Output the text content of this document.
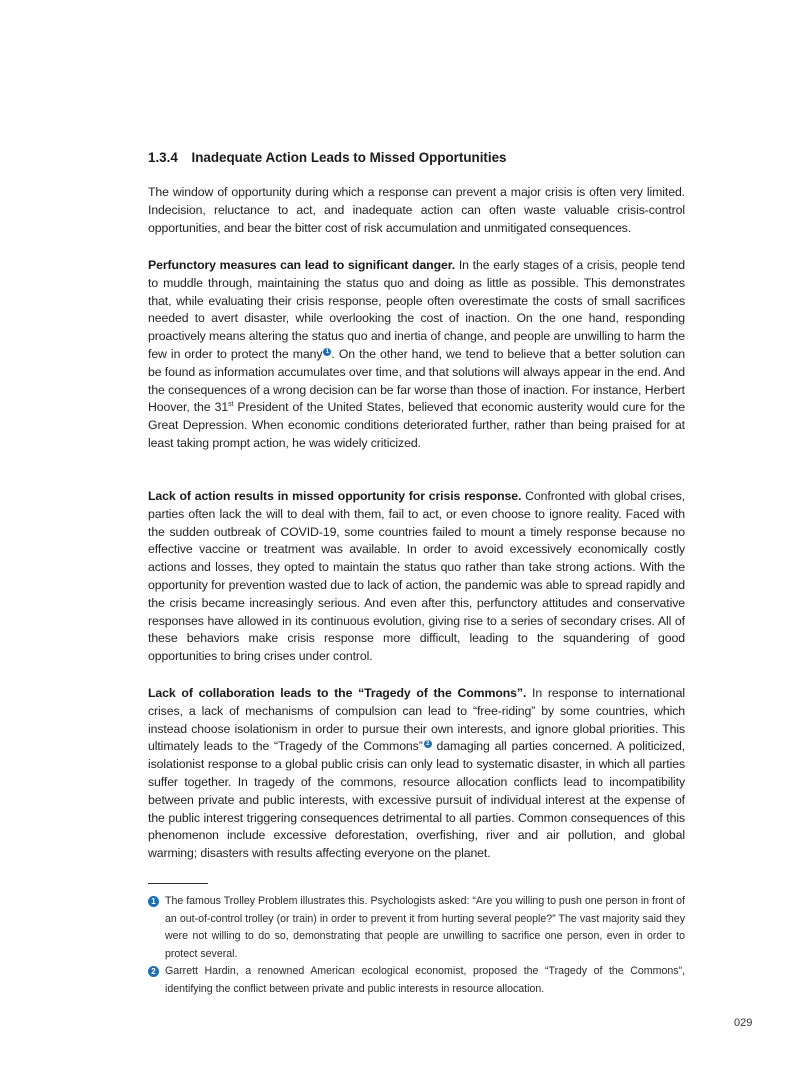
1.3.4 Inadequate Action Leads to Missed Opportunities

The window of opportunity during which a response can prevent a major crisis is often very limited. Indecision, reluctance to act, and inadequate action can often waste valuable crisis-control opportunities, and bear the bitter cost of risk accumulation and unmitigated consequences.

Perfunctory measures can lead to significant danger. In the early stages of a crisis, people tend to muddle through, maintaining the status quo and doing as little as possible. This demonstrates that, while evaluating their crisis response, people often overestimate the costs of small sacrifices needed to avert disaster, while overlooking the cost of inaction. On the one hand, responding proactively means altering the status quo and inertia of change, and people are unwilling to harm the few in order to protect the many 1 . On the other hand, we tend to believe that a better solution can be found as information accumulates over time, and that solutions will always appear in the end. And the consequences of a wrong decision can be far worse than those of inaction. For instance, Herbert Hoover, the 31st President of the United States, believed that economic austerity would cure for the Great Depression. When economic conditions deteriorated further, rather than being praised for at least taking prompt action, he was widely criticized.

Lack of action results in missed opportunity for crisis response. Confronted with global crises, parties often lack the will to deal with them, fail to act, or even choose to ignore reality. Faced with the sudden outbreak of COVID-19, some countries failed to mount a timely response because no effective vaccine or treatment was available. In order to avoid excessively economically costly actions and losses, they opted to maintain the status quo rather than take strong actions. With the opportunity for prevention wasted due to lack of action, the pandemic was able to spread rapidly and the crisis became increasingly serious. And even after this, perfunctory attitudes and conservative responses have allowed in its continuous evolution, giving rise to a series of secondary crises. All of these behaviors make crisis response more difficult, leading to the squandering of good opportunities to bring crises under control.

Lack of collaboration leads to the “Tragedy of the Commons”. In response to international crises, a lack of mechanisms of compulsion can lead to “free-riding” by some countries, which instead choose isolationism in order to pursue their own interests, and ignore global priorities. This ultimately leads to the “Tragedy of the Commons” 2 damaging all parties concerned. A politicized, isolationist response to a global public crisis can only lead to systematic disaster, in which all parties suffer together. In tragedy of the commons, resource allocation conflicts lead to incompatibility between private and public interests, with excessive pursuit of individual interest at the expense of the public interest triggering consequences detrimental to all parties. Common consequences of this phenomenon include excessive deforestation, overfishing, river and air pollution, and global warming; disasters with results affecting everyone on the planet.

1 The famous Trolley Problem illustrates this. Psychologists asked: “Are you willing to push one person in front of an out-of-control trolley (or train) in order to prevent it from hurting several people?” The vast majority said they were not willing to do so, demonstrating that people are unwilling to sacrifice one person, even in order to protect several.
2 Garrett Hardin, a renowned American ecological economist, proposed the “Tragedy of the Commons”, identifying the conflict between private and public interests in resource allocation.
029
